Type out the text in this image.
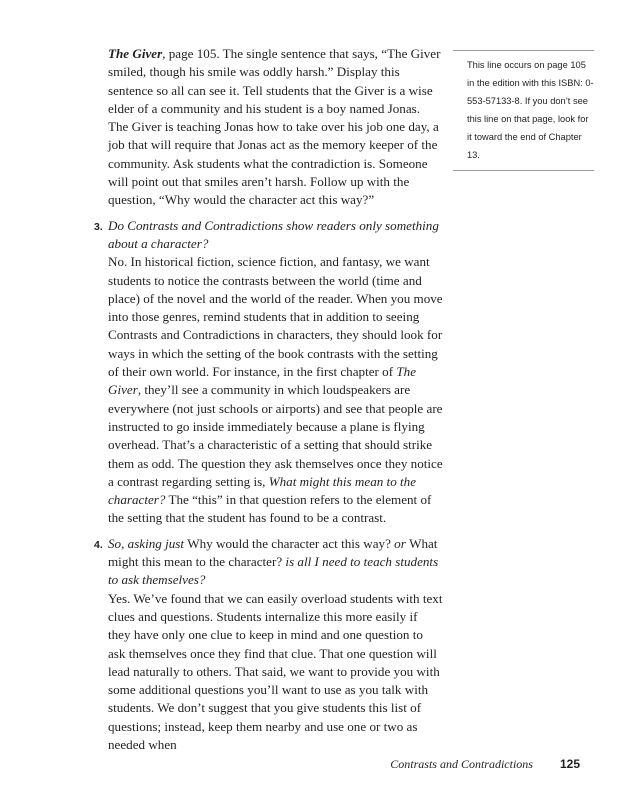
The Giver, page 105. The single sentence that says, “The Giver smiled, though his smile was oddly harsh.” Display this sentence so all can see it. Tell students that the Giver is a wise elder of a community and his student is a boy named Jonas. The Giver is teaching Jonas how to take over his job one day, a job that will require that Jonas act as the memory keeper of the community. Ask students what the contradiction is. Someone will point out that smiles aren’t harsh. Follow up with the question, “Why would the character act this way?”

3. Do Contrasts and Contradictions show readers only something about a character?

No. In historical fiction, science fiction, and fantasy, we want students to notice the contrasts between the world (time and place) of the novel and the world of the reader. When you move into those genres, remind students that in addition to seeing Contrasts and Contradictions in characters, they should look for ways in which the setting of the book contrasts with the setting of their own world. For instance, in the first chapter of The Giver, they’ll see a community in which loudspeakers are everywhere (not just schools or airports) and see that people are instructed to go inside immediately because a plane is flying overhead. That’s a characteristic of a setting that should strike them as odd. The question they ask themselves once they notice a contrast regarding setting is, What might this mean to the character? The “this” in that question refers to the element of the setting that the student has found to be a contrast.

4. So, asking just Why would the character act this way? or What might this mean to the character? is all I need to teach students to ask themselves?

Yes. We’ve found that we can easily overload students with text clues and questions. Students internalize this more easily if they have only one clue to keep in mind and one question to ask themselves once they find that clue. That one question will lead naturally to others. That said, we want to provide you with some additional questions you’ll want to use as you talk with students. We don’t suggest that you give students this list of questions; instead, keep them nearby and use one or two as needed when

This line occurs on page 105 in the edition with this ISBN: 0-553-57133-8. If you don’t see this line on that page, look for it toward the end of Chapter 13.
Contrasts and Contradictions 125
